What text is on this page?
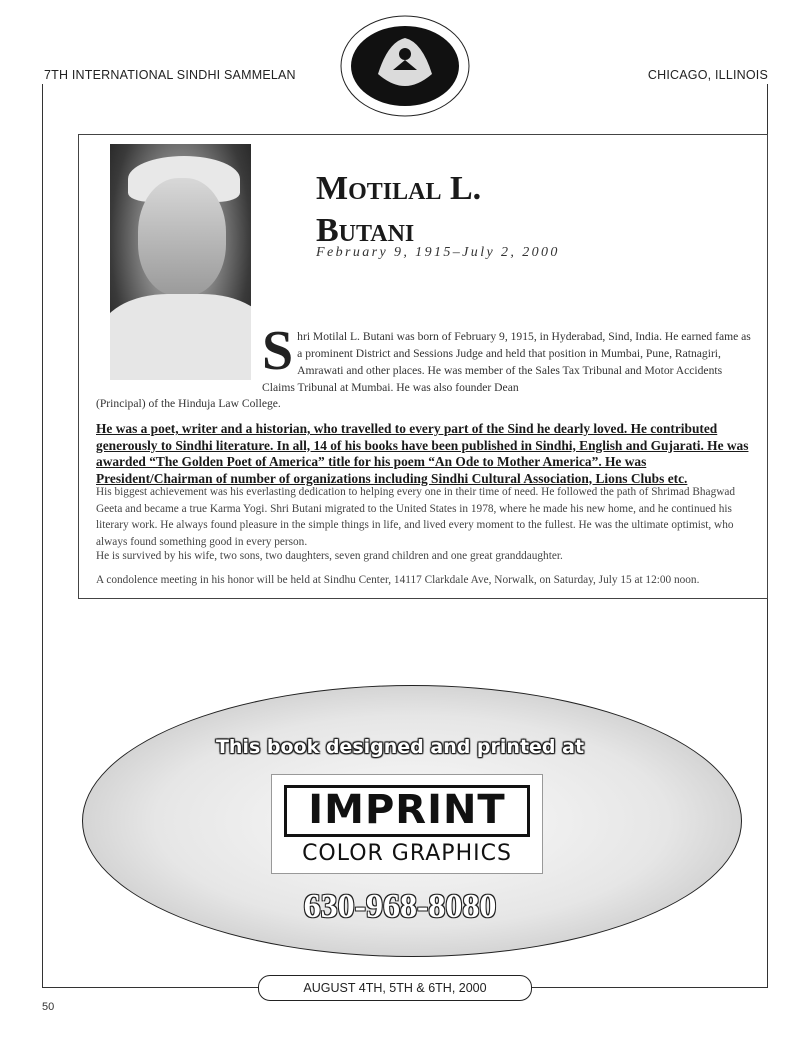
7TH INTERNATIONAL SINDHI SAMMELAN	CHICAGO, ILLINOIS
Motilal L. Butani
February 9, 1915–July 2, 2000
S hri Motilal L. Butani was born of February 9, 1915, in Hyderabad, Sind, India. He earned fame as a prominent District and Sessions Judge and held that position in Mumbai, Pune, Ratnagiri, Amrawati and other places. He was member of the Sales Tax Tribunal and Motor Accidents Claims Tribunal at Mumbai. He was also founder Dean
(Principal) of the Hinduja Law College.
He was a poet, writer and a historian, who travelled to every part of the Sind he dearly loved. He contributed generously to Sindhi literature. In all, 14 of his books have been published in Sindhi, English and Gujarati. He was awarded “The Golden Poet of America” title for his poem “An Ode to Mother America”. He was President/Chairman of number of organizations including Sindhi Cultural Association, Lions Clubs etc.
His biggest achievement was his everlasting dedication to helping every one in their time of need. He followed the path of Shrimad Bhagwad Geeta and became a true Karma Yogi. Shri Butani migrated to the United States in 1978, where he made his new home, and he continued his literary work. He always found pleasure in the simple things in life, and lived every moment to the fullest. He was the ultimate optimist, who always found something good in every person.
He is survived by his wife, two sons, two daughters, seven grand children and one great granddaughter.
A condolence meeting in his honor will be held at Sindhu Center, 14117 Clarkdale Ave, Norwalk, on Saturday, July 15 at 12:00 noon.
This book designed and printed at
IMPRINT
COLOR GRAPHICS
630-968-8080
AUGUST 4TH, 5TH & 6TH, 2000
50
